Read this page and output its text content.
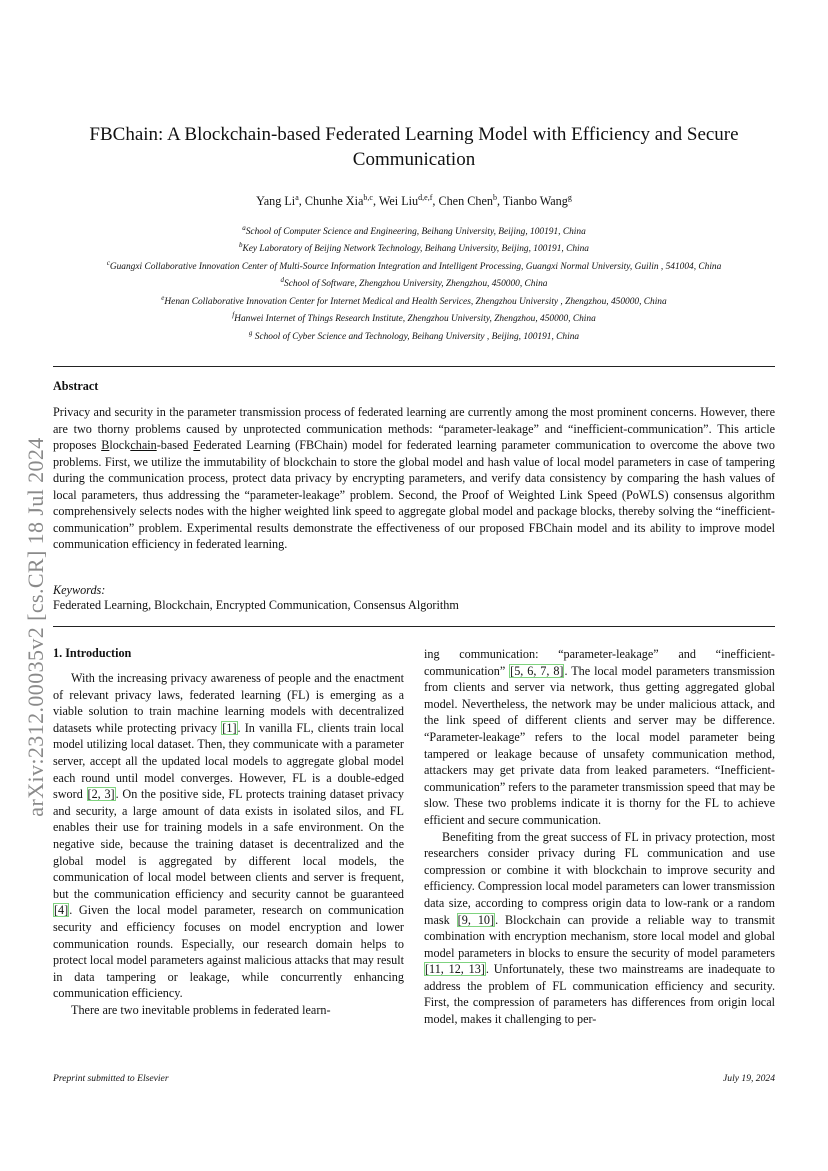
arXiv:2312.00035v2 [cs.CR] 18 Jul 2024
FBChain: A Blockchain-based Federated Learning Model with Efficiency and Secure
Communication
Yang Li$^a$, Chunhe Xia$^{b,c}$, Wei Liu$^{d,e,f}$, Chen Chen$^b$, Tianbo Wang$^g$
$^a$School of Computer Science and Engineering, Beihang University, Beijing, 100191, China
$^b$Key Laboratory of Beijing Network Technology, Beihang University, Beijing, 100191, China
$^c$Guangxi Collaborative Innovation Center of Multi-Source Information Integration and Intelligent Processing, Guangxi Normal University, Guilin , 541004, China
$^d$School of Software, Zhengzhou University, Zhengzhou, 450000, China
$^e$Henan Collaborative Innovation Center for Internet Medical and Health Services, Zhengzhou University , Zhengzhou, 450000, China
$^f$Hanwei Internet of Things Research Institute, Zhengzhou University, Zhengzhou, 450000, China
$^g$ School of Cyber Science and Technology, Beihang University , Beijing, 100191, China
Abstract
Privacy and security in the parameter transmission process of federated learning are currently among the most prominent concerns. However, there are two thorny problems caused by unprotected communication methods: “parameter-leakage” and “inefficient-communication”. This article proposes Blockchain-based Federated Learning (FBChain) model for federated learning parameter communication to overcome the above two problems. First, we utilize the immutability of blockchain to store the global model and hash value of local model parameters in case of tampering during the communication process, protect data privacy by encrypting parameters, and verify data consistency by comparing the hash values of local parameters, thus addressing the “parameter-leakage” problem. Second, the Proof of Weighted Link Speed (PoWLS) consensus algorithm comprehensively selects nodes with the higher weighted link speed to aggregate global model and package blocks, thereby solving the “inefficient-communication” problem. Experimental results demonstrate the effectiveness of our proposed FBChain model and its ability to improve model communication efficiency in federated learning.
Keywords:
Federated Learning, Blockchain, Encrypted Communication, Consensus Algorithm
1. Introduction

With the increasing privacy awareness of people and the enactment of relevant privacy laws, federated learning (FL) is emerging as a viable solution to train machine learning models with decentralized datasets while protecting privacy [1]. In vanilla FL, clients train local model utilizing local dataset. Then, they communicate with a parameter server, accept all the updated local models to aggregate global model each round until model converges. However, FL is a double-edged sword [2, 3]. On the positive side, FL protects training dataset privacy and security, a large amount of data exists in isolated silos, and FL enables their use for training models in a safe environment. On the negative side, because the training dataset is decentralized and the global model is aggregated by different local models, the communication of local model between clients and server is frequent, but the communication efficiency and security cannot be guaranteed [4]. Given the local model parameter, research on communication security and efficiency focuses on model encryption and lower communication rounds. Especially, our research domain helps to protect local model parameters against malicious attacks that may result in data tampering or leakage, while concurrently enhancing communication efficiency.

There are two inevitable problems in federated learn-

ing communication: “parameter-leakage” and “inefficient-communication” [5, 6, 7, 8]. The local model parameters transmission from clients and server via network, thus getting aggregated global model. Nevertheless, the network may be under malicious attack, and the link speed of different clients and server may be difference. “Parameter-leakage” refers to the local model parameter being tampered or leakage because of unsafety communication method, attackers may get private data from leaked parameters. “Inefficient-communication” refers to the parameter transmission speed that may be slow. These two problems indicate it is thorny for the FL to achieve efficient and secure communication.

Benefiting from the great success of FL in privacy protection, most researchers consider privacy during FL communication and use compression or combine it with blockchain to improve security and efficiency. Compression local model parameters can lower transmission data size, according to compress origin data to low-rank or a random mask [9, 10]. Blockchain can provide a reliable way to transmit combination with encryption mechanism, store local model and global model parameters in blocks to ensure the security of model parameters [11, 12, 13]. Unfortunately, these two mainstreams are inadequate to address the problem of FL communication efficiency and security. First, the compression of parameters has differences from origin local model, makes it challenging to per-

Preprint submitted to Elsevier	July 19, 2024
